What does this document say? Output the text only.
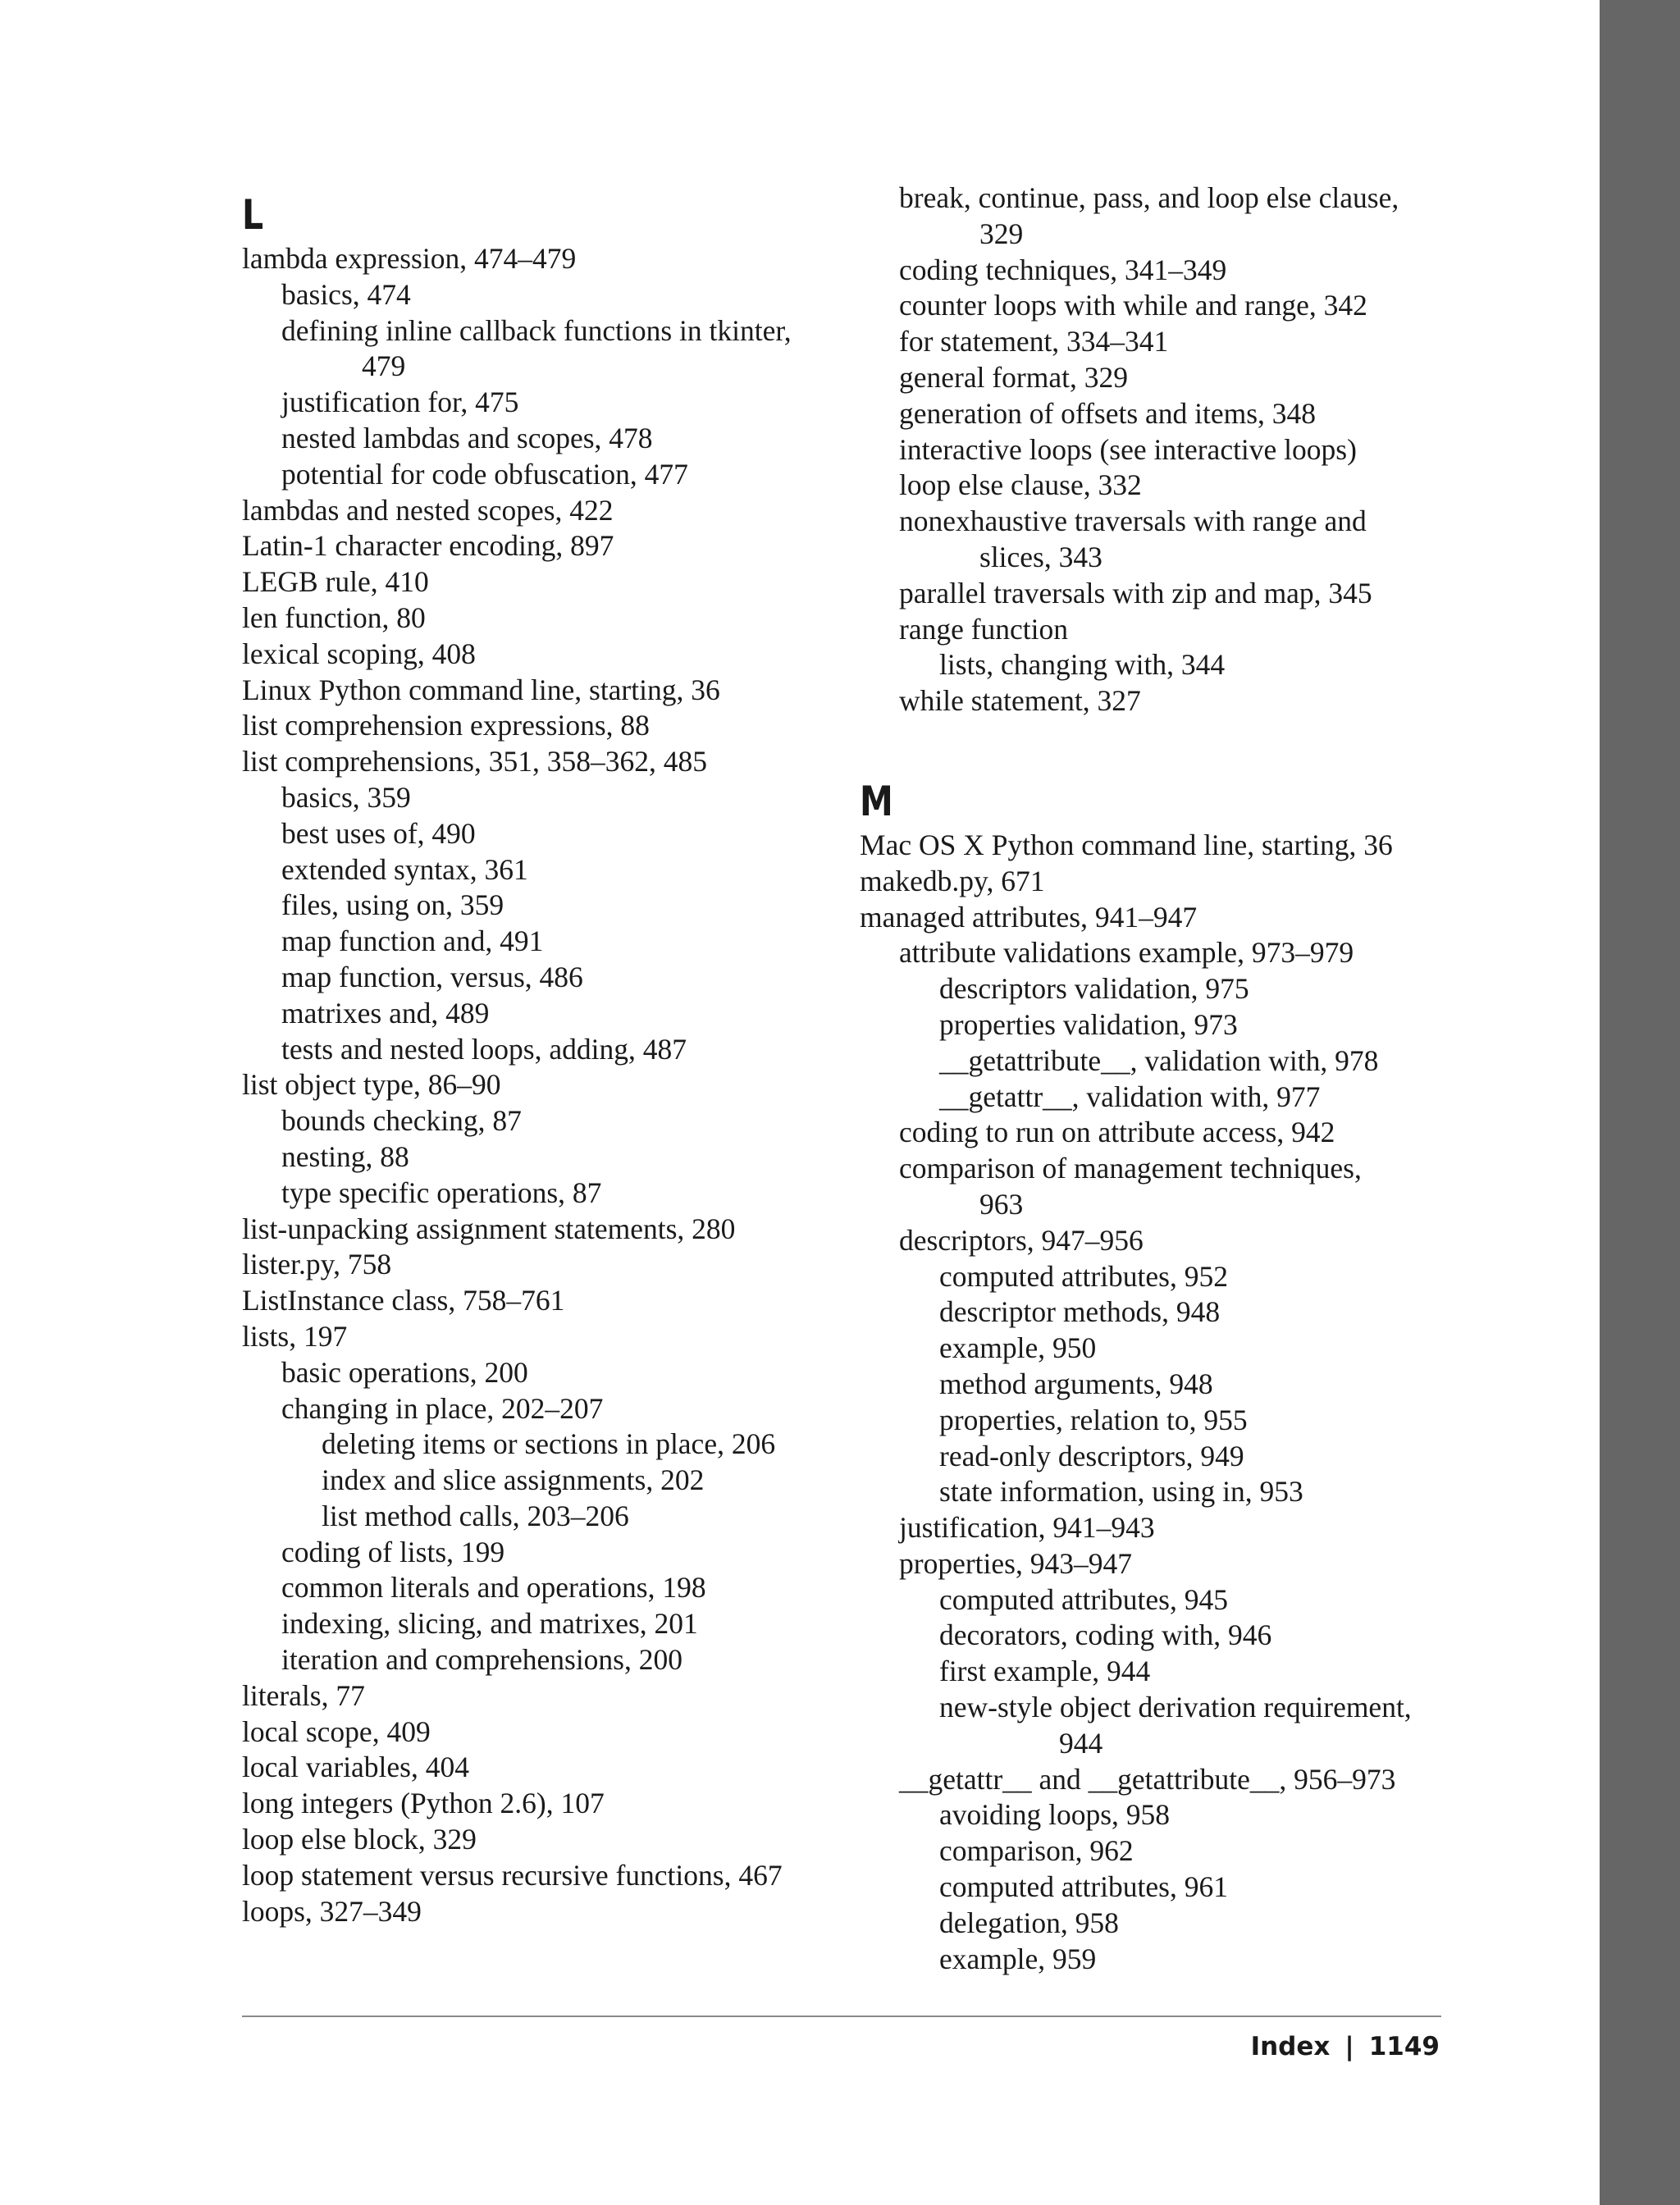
L
lambda expression, 474–479
basics, 474
defining inline callback functions in tkinter,
479
justification for, 475
nested lambdas and scopes, 478
potential for code obfuscation, 477
lambdas and nested scopes, 422
Latin-1 character encoding, 897
LEGB rule, 410
len function, 80
lexical scoping, 408
Linux Python command line, starting, 36
list comprehension expressions, 88
list comprehensions, 351, 358–362, 485
basics, 359
best uses of, 490
extended syntax, 361
files, using on, 359
map function and, 491
map function, versus, 486
matrixes and, 489
tests and nested loops, adding, 487
list object type, 86–90
bounds checking, 87
nesting, 88
type specific operations, 87
list-unpacking assignment statements, 280
lister.py, 758
ListInstance class, 758–761
lists, 197
basic operations, 200
changing in place, 202–207
deleting items or sections in place, 206
index and slice assignments, 202
list method calls, 203–206
coding of lists, 199
common literals and operations, 198
indexing, slicing, and matrixes, 201
iteration and comprehensions, 200
literals, 77
local scope, 409
local variables, 404
long integers (Python 2.6), 107
loop else block, 329
loop statement versus recursive functions, 467
loops, 327–349
break, continue, pass, and loop else clause,
329
coding techniques, 341–349
counter loops with while and range, 342
for statement, 334–341
general format, 329
generation of offsets and items, 348
interactive loops (see interactive loops)
loop else clause, 332
nonexhaustive traversals with range and
slices, 343
parallel traversals with zip and map, 345
range function
lists, changing with, 344
while statement, 327
M
Mac OS X Python command line, starting, 36
makedb.py, 671
managed attributes, 941–947
attribute validations example, 973–979
descriptors validation, 975
properties validation, 973
__getattribute__, validation with, 978
__getattr__, validation with, 977
coding to run on attribute access, 942
comparison of management techniques,
963
descriptors, 947–956
computed attributes, 952
descriptor methods, 948
example, 950
method arguments, 948
properties, relation to, 955
read-only descriptors, 949
state information, using in, 953
justification, 941–943
properties, 943–947
computed attributes, 945
decorators, coding with, 946
first example, 944
new-style object derivation requirement,
944
__getattr__ and __getattribute__, 956–973
avoiding loops, 958
comparison, 962
computed attributes, 961
delegation, 958
example, 959
Index | 1149
